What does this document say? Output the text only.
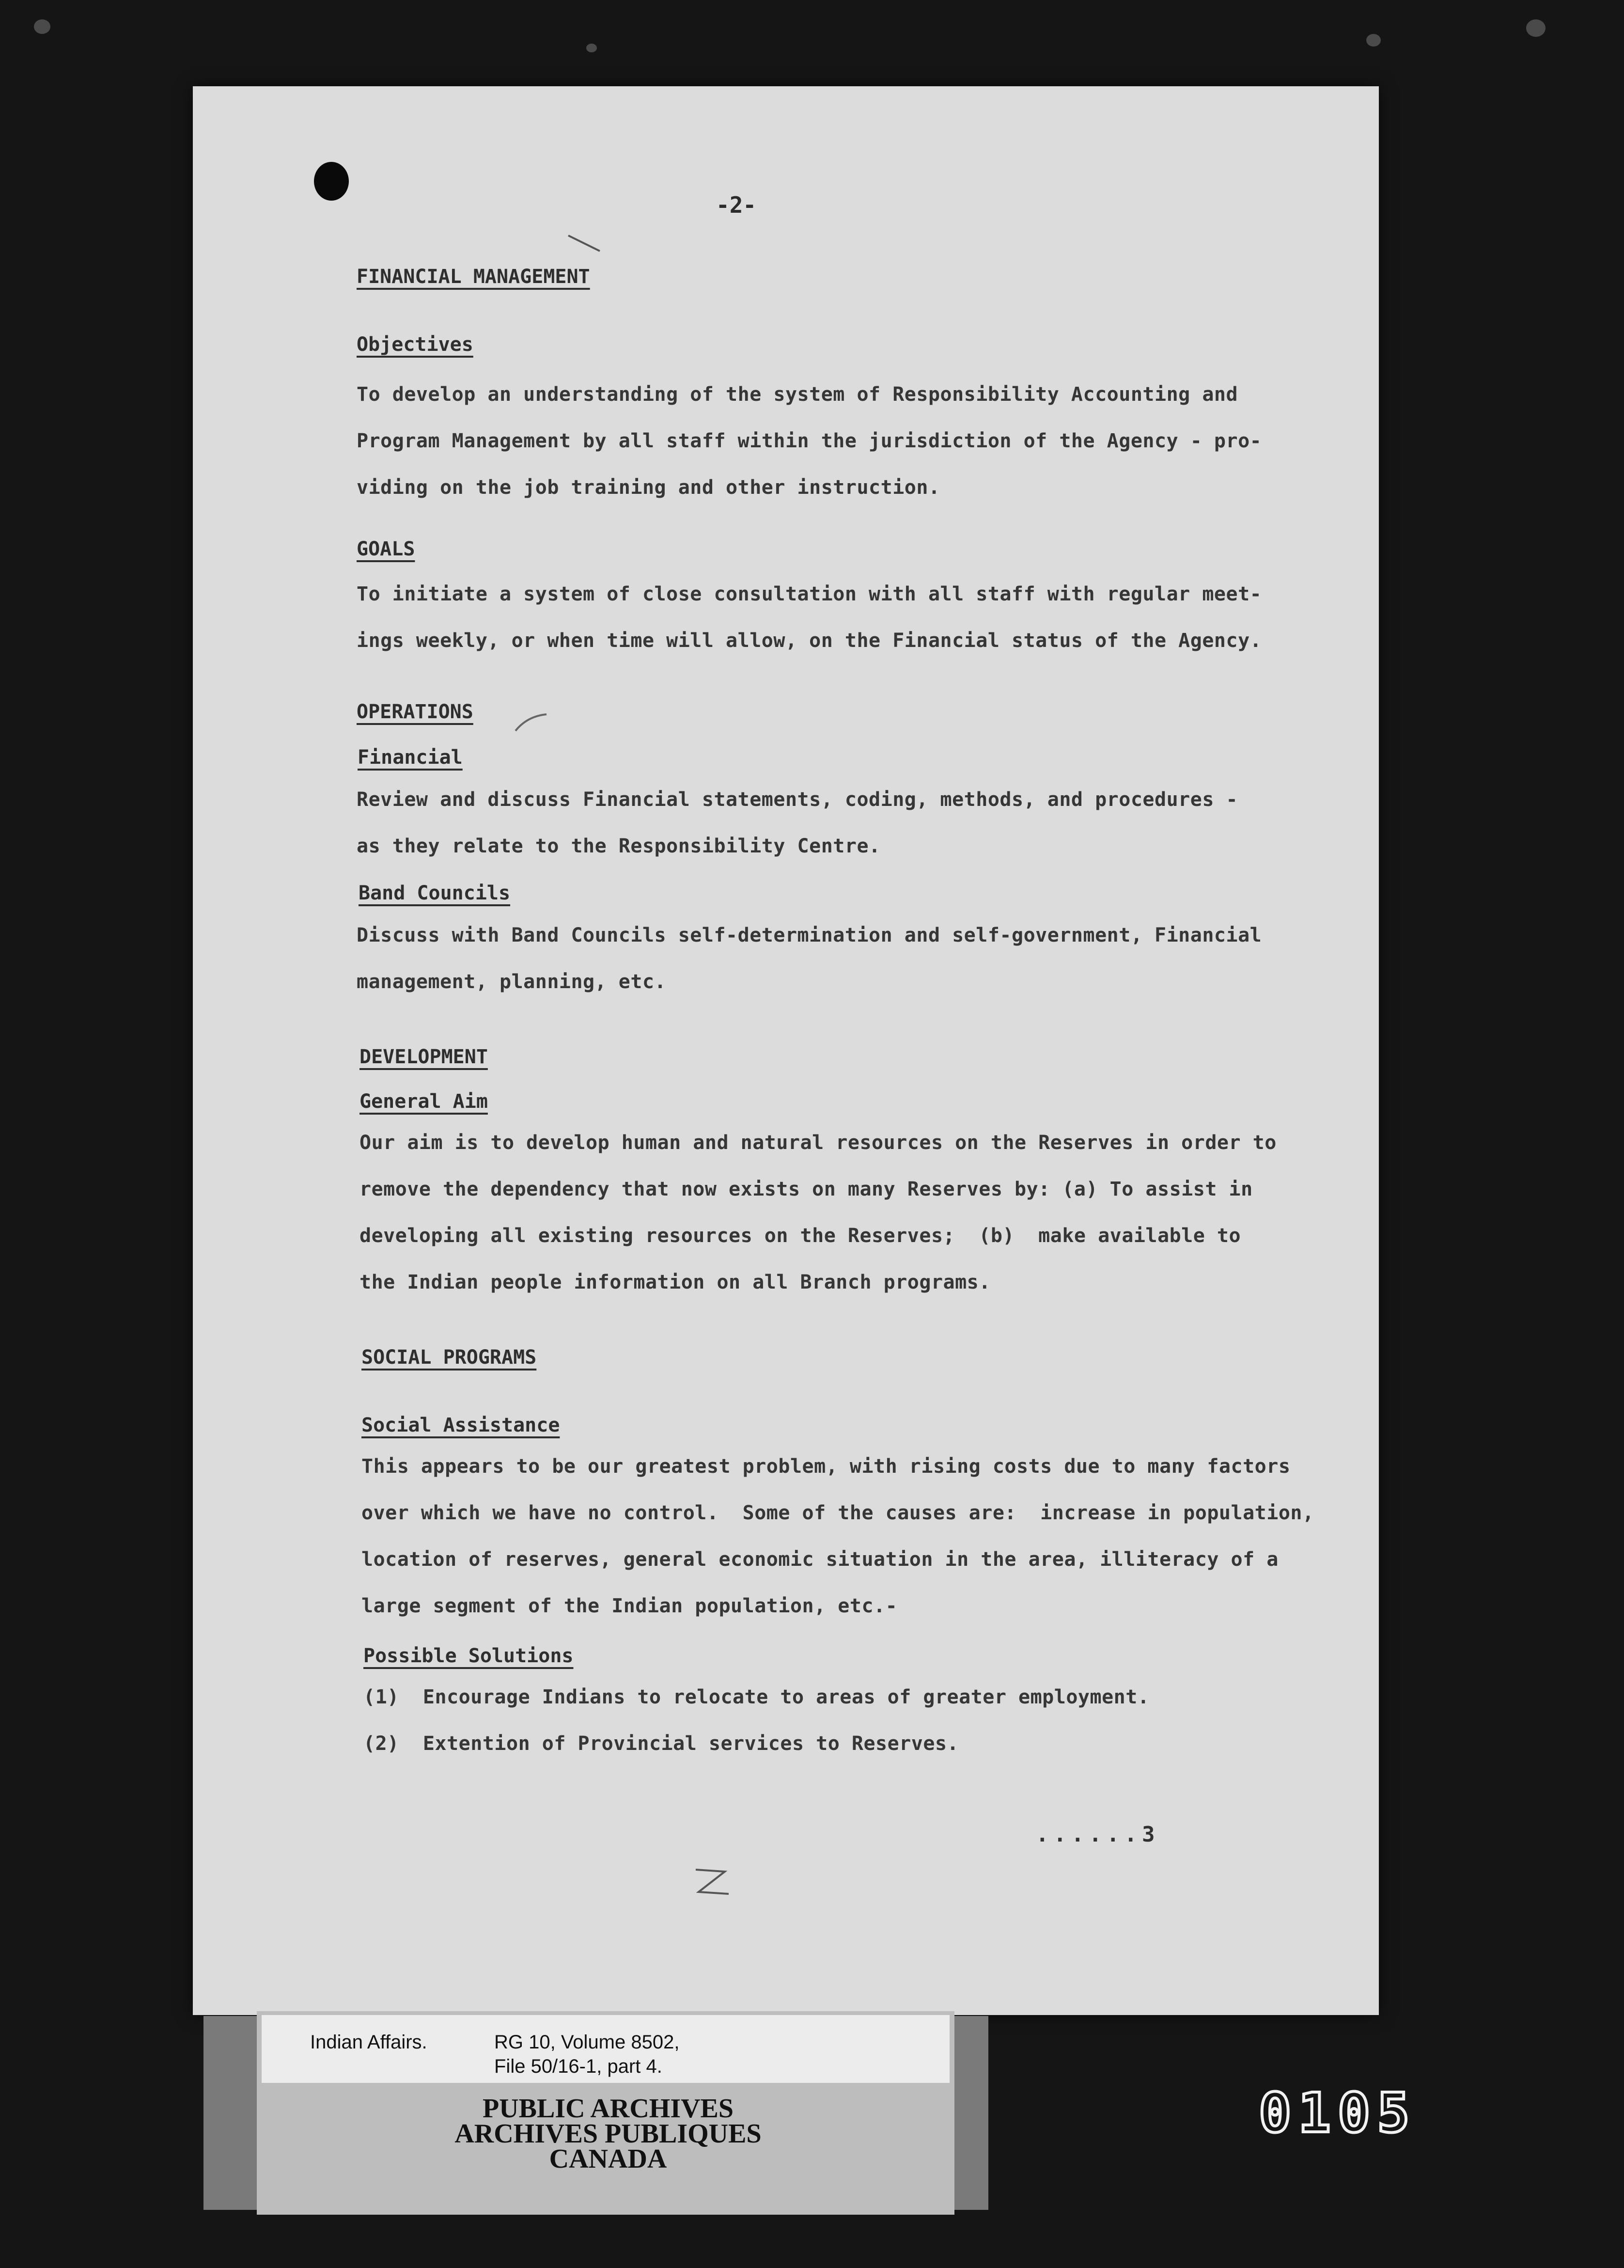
-2-
FINANCIAL MANAGEMENT
Objectives
To develop an understanding of the system of Responsibility Accounting and
Program Management by all staff within the jurisdiction of the Agency - pro-
viding on the job training and other instruction.
GOALS
To initiate a system of close consultation with all staff with regular meet-
ings weekly, or when time will allow, on the Financial status of the Agency.
OPERATIONS
Financial
Review and discuss Financial statements, coding, methods, and procedures -
as they relate to the Responsibility Centre.
Band Councils
Discuss with Band Councils self-determination and self-government, Financial
management, planning, etc.
DEVELOPMENT
General Aim
Our aim is to develop human and natural resources on the Reserves in order to
remove the dependency that now exists on many Reserves by: (a) To assist in
developing all existing resources on the Reserves;  (b)  make available to
the Indian people information on all Branch programs.
SOCIAL PROGRAMS
Social Assistance
This appears to be our greatest problem, with rising costs due to many factors
over which we have no control.  Some of the causes are:  increase in population,
location of reserves, general economic situation in the area, illiteracy of a
large segment of the Indian population, etc.-
Possible Solutions
(1)  Encourage Indians to relocate to areas of greater employment.
(2)  Extention of Provincial services to Reserves.
......3
Indian Affairs.	RG 10, Volume 8502,
File 50/16-1, part 4.
PUBLIC ARCHIVES
ARCHIVES PUBLIQUES
CANADA
0105
